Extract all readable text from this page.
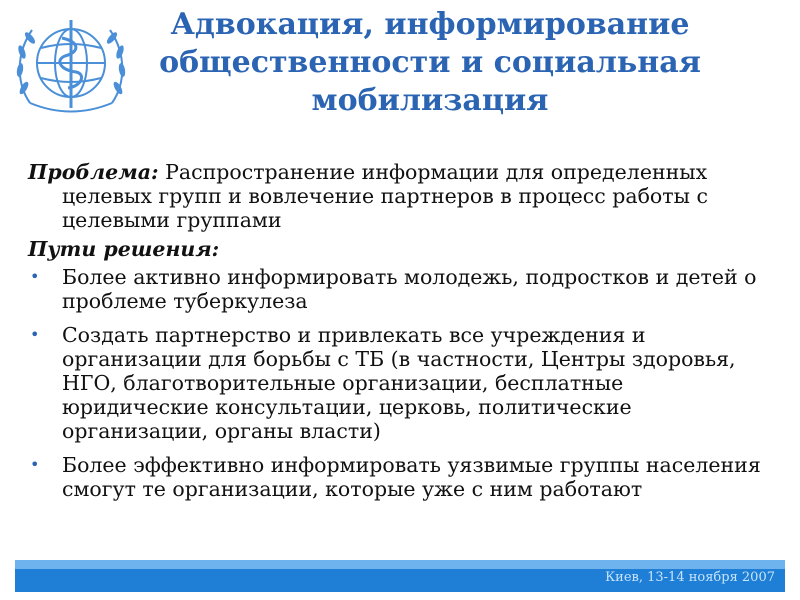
Адвокация, информирование общественности и социальная мобилизация
Проблема: Распространение информации для определенных целевых групп и вовлечение партнеров в процесс работы с целевыми группами
Пути решения:
• Более активно информировать молодежь, подростков и детей о проблеме туберкулеза
• Создать партнерство и привлекать все учреждения и организации для борьбы с ТБ (в частности, Центры здоровья, НГО, благотворительные организации, бесплатные юридические консультации, церковь, политические организации, органы власти)
• Более эффективно информировать уязвимые группы населения смогут те организации, которые уже с ним работают
Киев, 13-14 ноября 2007
